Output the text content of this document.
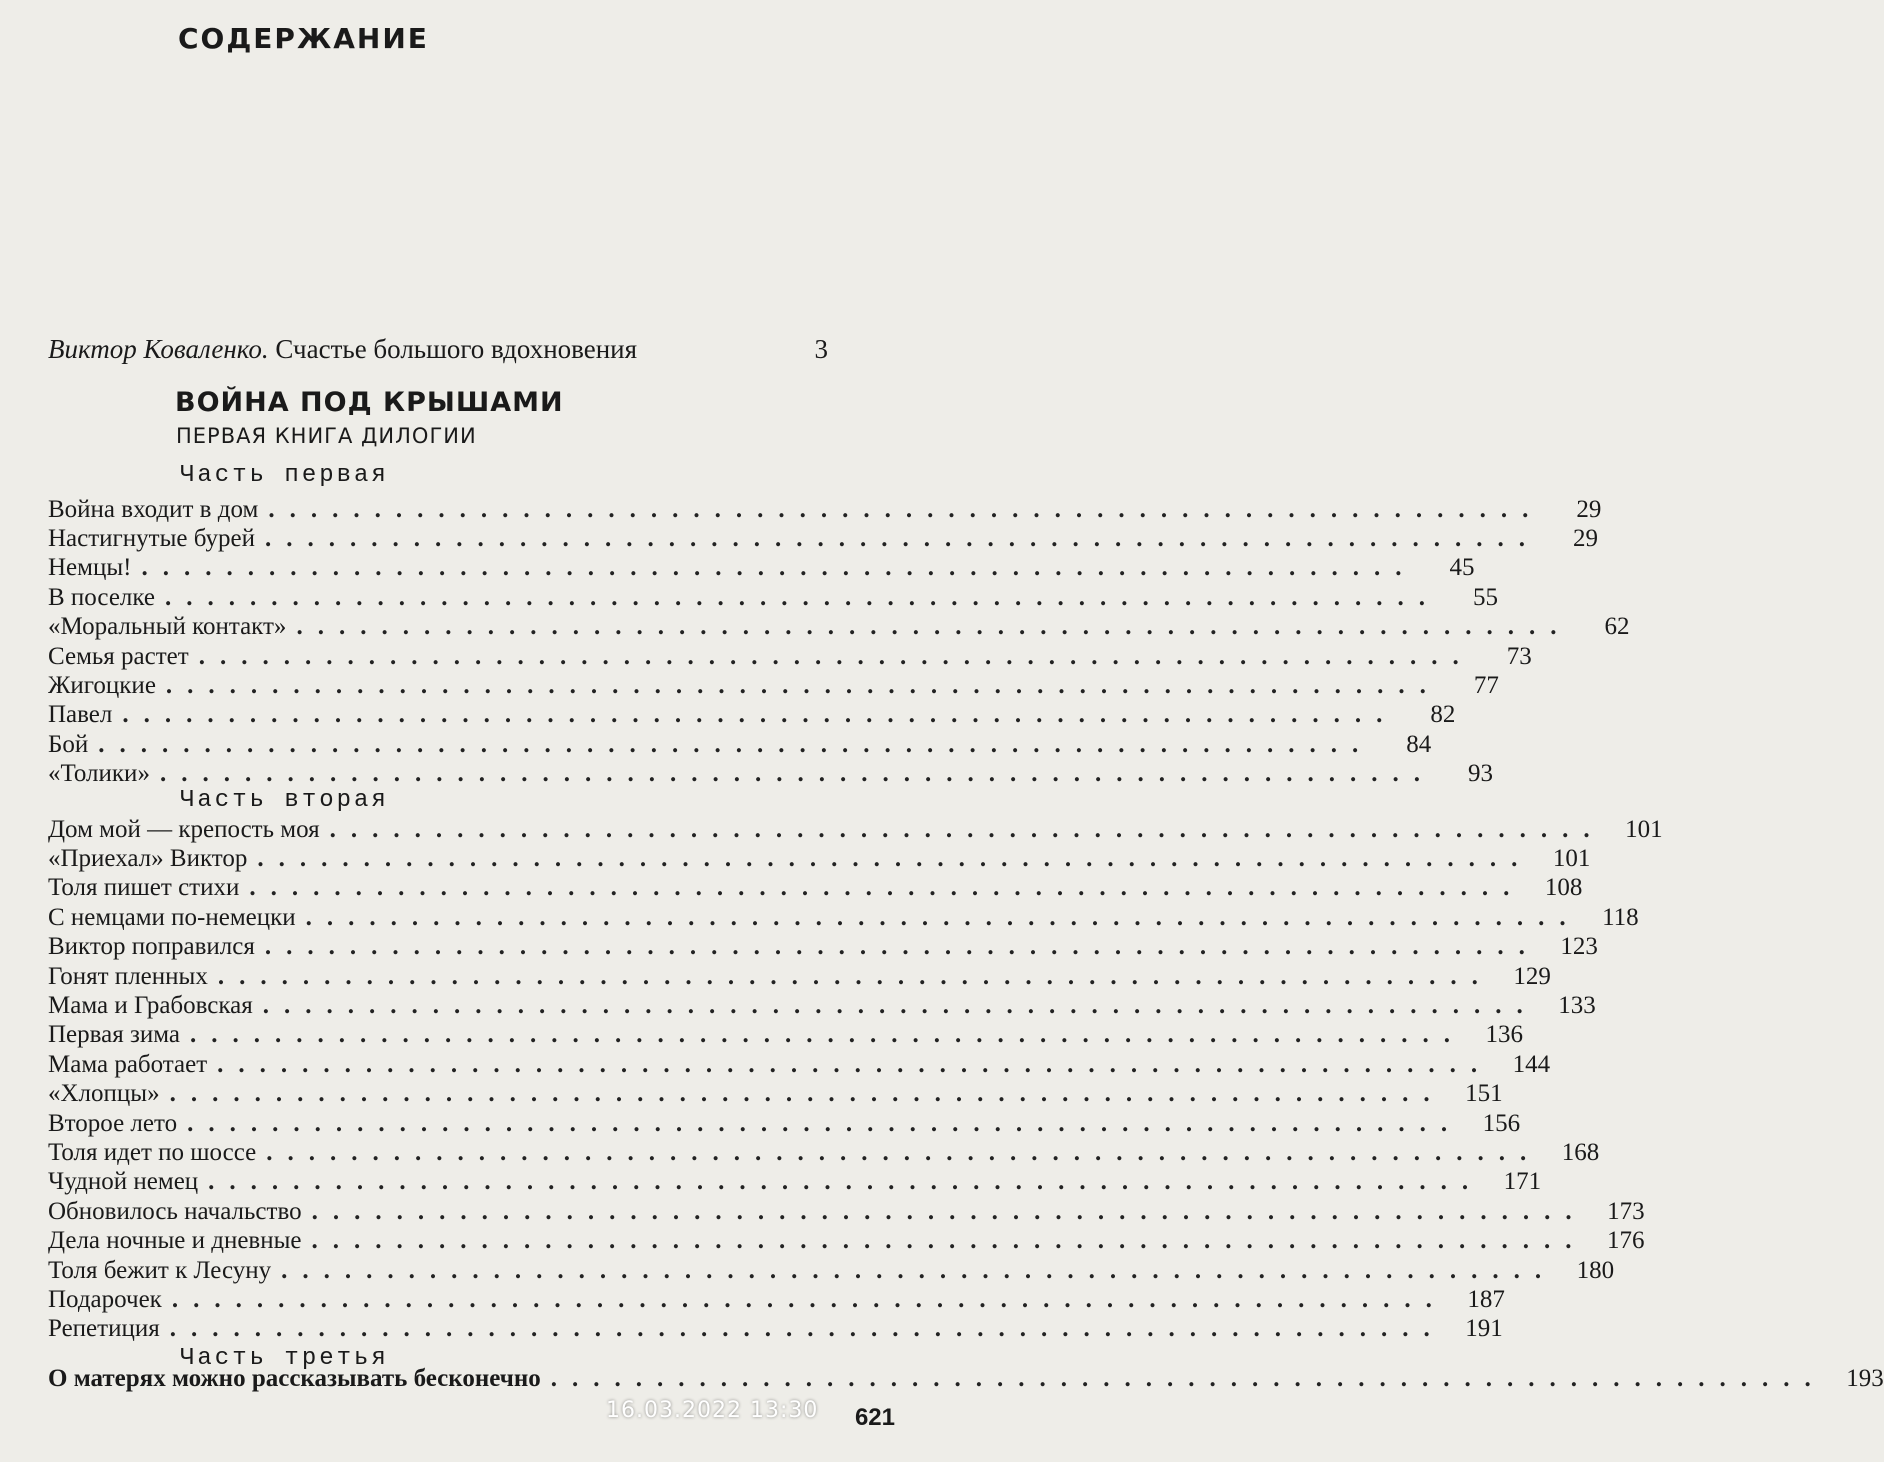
СОДЕРЖАНИЕ
Виктор Коваленко. Счастье большого вдохновения	3
ВОЙНА ПОД КРЫШАМИ
ПЕРВАЯ КНИГА ДИЛОГИИ
Часть первая
Война входит в дом ............................................................	29
Настигнутые бурей ............................................................	29
Немцы! ............................................................	45
В поселке ............................................................	55
«Моральный контакт» ............................................................	62
Семья растет ............................................................	73
Жигоцкие ............................................................	77
Павел ............................................................	82
Бой ............................................................	84
«Толики» ............................................................	93
Часть вторая
Дом мой — крепость моя ............................................................ 101
«Приехал» Виктор ............................................................ 101
Толя пишет стихи ............................................................ 108
С немцами по-немецки ............................................................ 118
Виктор поправился ............................................................ 123
Гонят пленных ............................................................ 129
Мама и Грабовская ............................................................ 133
Первая зима ............................................................ 136
Мама работает ............................................................ 144
«Хлопцы» ............................................................ 151
Второе лето ............................................................ 156
Толя идет по шоссе ............................................................ 168
Чудной немец ............................................................ 171
Обновилось начальство ............................................................ 173
Дела ночные и дневные ............................................................ 176
Толя бежит к Лесуну ............................................................ 180
Подарочек ............................................................ 187
Репетиция ............................................................ 191
Часть третья
О матерях можно рассказывать бесконечно ............................................................ 193
16.03.2022 13:30 621
